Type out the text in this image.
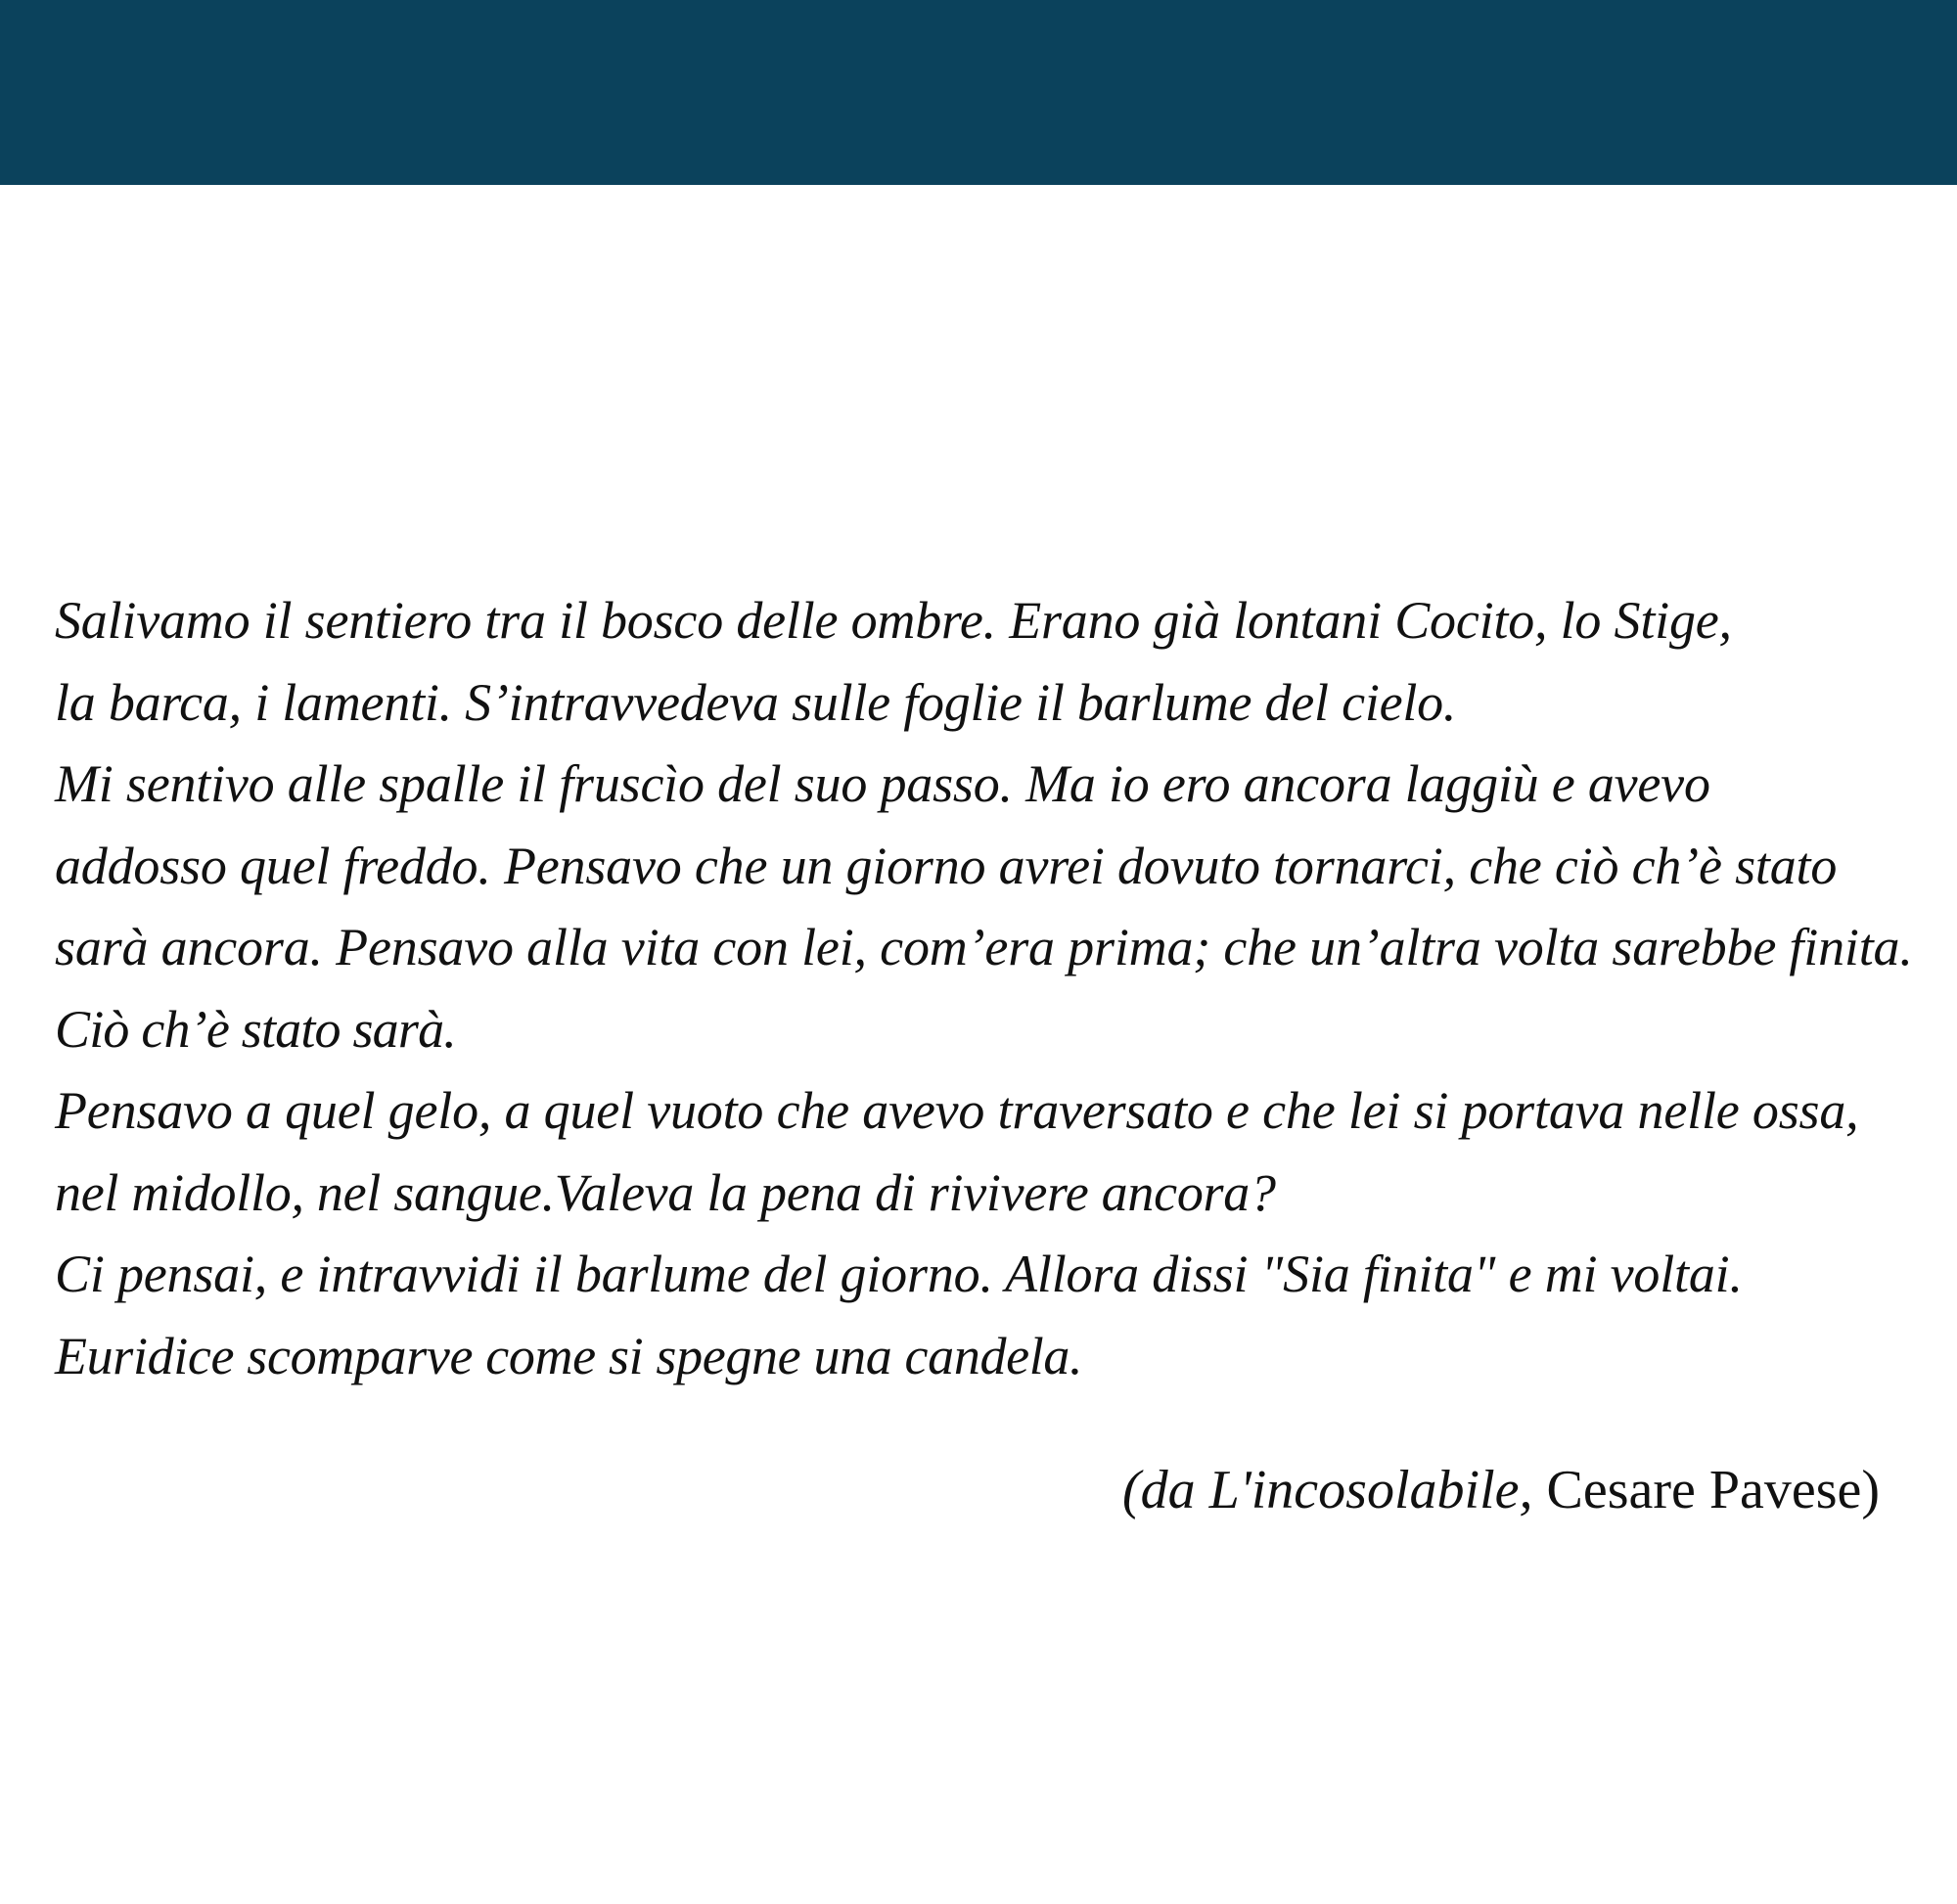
Salivamo il sentiero tra il bosco delle ombre. Erano già lontani Cocito, lo Stige,
la barca, i lamenti. S’intravvedeva sulle foglie il barlume del cielo.
Mi sentivo alle spalle il fruscìo del suo passo. Ma io ero ancora laggiù e avevo
addosso quel freddo. Pensavo che un giorno avrei dovuto tornarci, che ciò ch’è stato
sarà ancora. Pensavo alla vita con lei, com’era prima; che un’altra volta sarebbe finita.
Ciò ch’è stato sarà.
Pensavo a quel gelo, a quel vuoto che avevo traversato e che lei si portava nelle ossa,
nel midollo, nel sangue.Valeva la pena di rivivere ancora?
Ci pensai, e intravvidi il barlume del giorno. Allora dissi "Sia finita" e mi voltai.
Euridice scomparve come si spegne una candela.
(da L'incosolabile, Cesare Pavese)
